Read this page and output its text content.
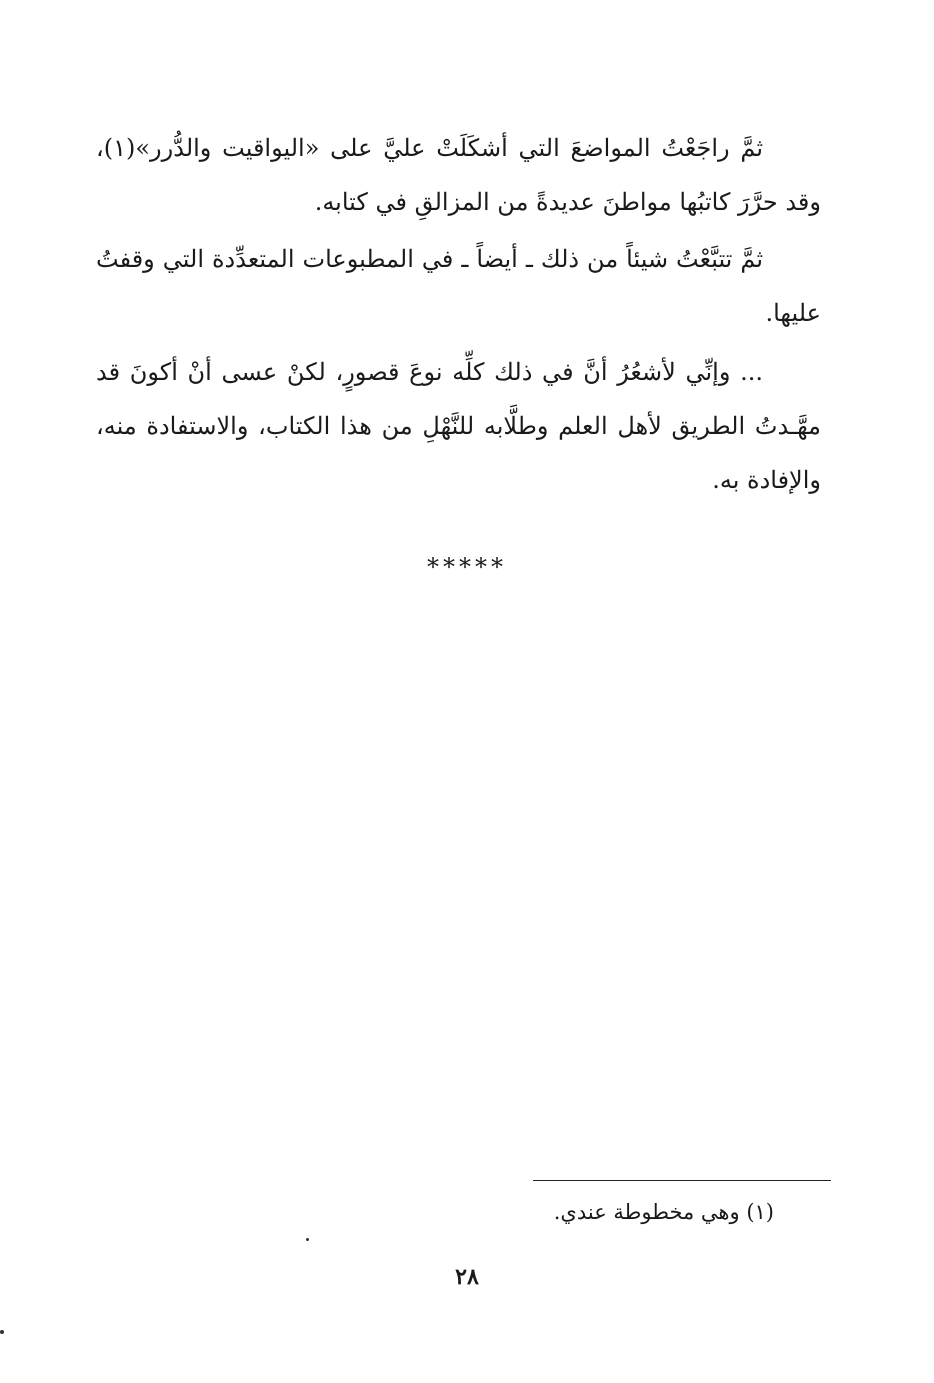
ثمَّ راجَعْتُ المواضعَ التي أشكَلَتْ عليَّ على «اليواقيت والدُّرر»(١)، وقد حرَّرَ كاتبُها مواطنَ عديدةً من المزالقِ في كتابه.

ثمَّ تتبَّعْتُ شيئاً من ذلك ـ أيضاً ـ في المطبوعات المتعدِّدة التي وقفتُ عليها.

... وإنِّي لأشعُرُ أنَّ في ذلك كلِّه نوعَ قصورٍ، لكنْ عسى أنْ أكونَ قد مهَّـدتُ الطريق لأهل العلم وطلَّابه للنَّهْلِ من هذا الكتاب، والاستفادة منه، والإفادة به.

*****
(١) وهي مخطوطة عندي.
٢٨
